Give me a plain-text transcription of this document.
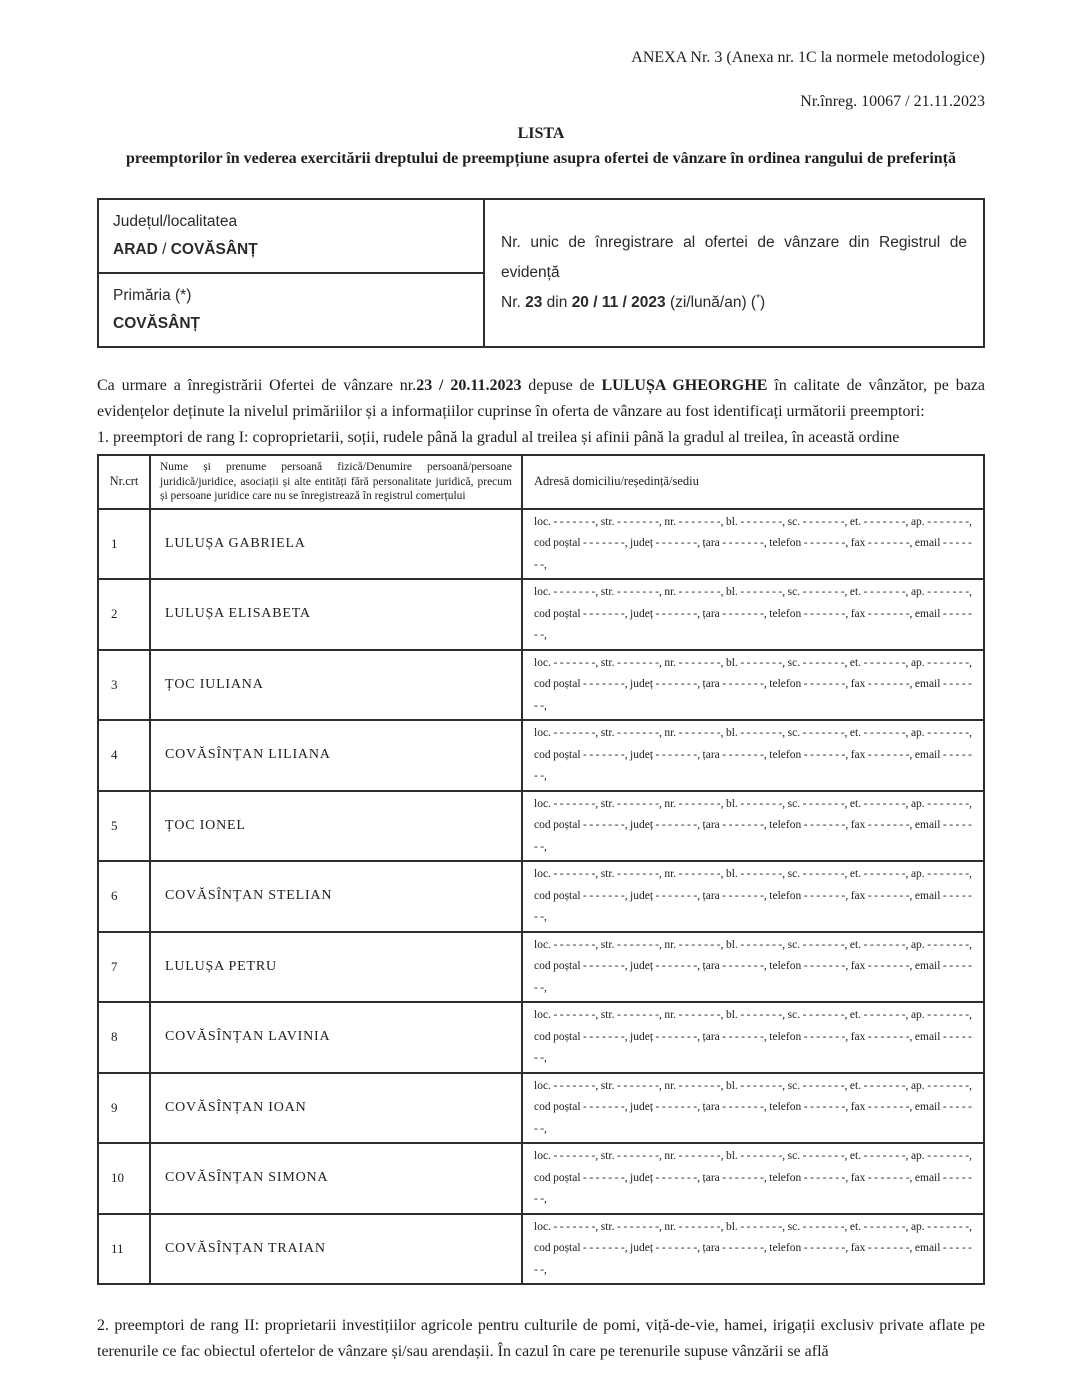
ANEXA Nr. 3 (Anexa nr. 1C la normele metodologice)
Nr.înreg. 10067 / 21.11.2023
LISTA
preemptorilor în vederea exercitării dreptului de preempțiune asupra ofertei de vânzare în ordinea rangului de preferință
Județul/localitatea
ARAD / COVĂSÂNȚ	Nr. unic de înregistrare al ofertei de vânzare din Registrul de evidență
Nr. 23 din 20 / 11 / 2023 (zi/lună/an) (*)

Primăria (*)
COVĂSÂNȚ

Ca urmare a înregistrării Ofertei de vânzare nr.23 / 20.11.2023 depuse de LULUȘA GHEORGHE în calitate de vânzător, pe baza evidențelor deținute la nivelul primăriilor și a informațiilor cuprinse în oferta de vânzare au fost identificați următorii preemptori:

1. preemptori de rang I: coproprietarii, soții, rudele până la gradul al treilea și afinii până la gradul al treilea, în această ordine

Nr.crt	Nume și prenume persoană fizică/Denumire persoană/persoane juridică/juridice, asociații și alte entități fără personalitate juridică, precum și persoane juridice care nu se înregistrează în registrul comerțului	Adresă domiciliu/reședință/sediu
1	LULUȘA GABRIELA	loc. - - - - - - -, str. - - - - - - -, nr. - - - - - - -, bl. - - - - - - -, sc. - - - - - - -, et. - - - - - - -, ap. - - - - - - -, cod poștal - - - - - - -, județ - - - - - - -, țara - - - - - - -, telefon - - - - - - -, fax - - - - - - -, email - - - - - - -,
2	LULUȘA ELISABETA	loc. - - - - - - -, str. - - - - - - -, nr. - - - - - - -, bl. - - - - - - -, sc. - - - - - - -, et. - - - - - - -, ap. - - - - - - -, cod poștal - - - - - - -, județ - - - - - - -, țara - - - - - - -, telefon - - - - - - -, fax - - - - - - -, email - - - - - - -,
3	ȚOC IULIANA	loc. - - - - - - -, str. - - - - - - -, nr. - - - - - - -, bl. - - - - - - -, sc. - - - - - - -, et. - - - - - - -, ap. - - - - - - -, cod poștal - - - - - - -, județ - - - - - - -, țara - - - - - - -, telefon - - - - - - -, fax - - - - - - -, email - - - - - - -,
4	COVĂSÎNȚAN LILIANA	loc. - - - - - - -, str. - - - - - - -, nr. - - - - - - -, bl. - - - - - - -, sc. - - - - - - -, et. - - - - - - -, ap. - - - - - - -, cod poștal - - - - - - -, județ - - - - - - -, țara - - - - - - -, telefon - - - - - - -, fax - - - - - - -, email - - - - - - -,
5	ȚOC IONEL	loc. - - - - - - -, str. - - - - - - -, nr. - - - - - - -, bl. - - - - - - -, sc. - - - - - - -, et. - - - - - - -, ap. - - - - - - -, cod poștal - - - - - - -, județ - - - - - - -, țara - - - - - - -, telefon - - - - - - -, fax - - - - - - -, email - - - - - - -,
6	COVĂSÎNȚAN STELIAN	loc. - - - - - - -, str. - - - - - - -, nr. - - - - - - -, bl. - - - - - - -, sc. - - - - - - -, et. - - - - - - -, ap. - - - - - - -, cod poștal - - - - - - -, județ - - - - - - -, țara - - - - - - -, telefon - - - - - - -, fax - - - - - - -, email - - - - - - -,
7	LULUȘA PETRU	loc. - - - - - - -, str. - - - - - - -, nr. - - - - - - -, bl. - - - - - - -, sc. - - - - - - -, et. - - - - - - -, ap. - - - - - - -, cod poștal - - - - - - -, județ - - - - - - -, țara - - - - - - -, telefon - - - - - - -, fax - - - - - - -, email - - - - - - -,
8	COVĂSÎNȚAN LAVINIA	loc. - - - - - - -, str. - - - - - - -, nr. - - - - - - -, bl. - - - - - - -, sc. - - - - - - -, et. - - - - - - -, ap. - - - - - - -, cod poștal - - - - - - -, județ - - - - - - -, țara - - - - - - -, telefon - - - - - - -, fax - - - - - - -, email - - - - - - -,
9	COVĂSÎNȚAN IOAN	loc. - - - - - - -, str. - - - - - - -, nr. - - - - - - -, bl. - - - - - - -, sc. - - - - - - -, et. - - - - - - -, ap. - - - - - - -, cod poștal - - - - - - -, județ - - - - - - -, țara - - - - - - -, telefon - - - - - - -, fax - - - - - - -, email - - - - - - -,
10	COVĂSÎNȚAN SIMONA	loc. - - - - - - -, str. - - - - - - -, nr. - - - - - - -, bl. - - - - - - -, sc. - - - - - - -, et. - - - - - - -, ap. - - - - - - -, cod poștal - - - - - - -, județ - - - - - - -, țara - - - - - - -, telefon - - - - - - -, fax - - - - - - -, email - - - - - - -,
11	COVĂSÎNȚAN TRAIAN	loc. - - - - - - -, str. - - - - - - -, nr. - - - - - - -, bl. - - - - - - -, sc. - - - - - - -, et. - - - - - - -, ap. - - - - - - -, cod poștal - - - - - - -, județ - - - - - - -, țara - - - - - - -, telefon - - - - - - -, fax - - - - - - -, email - - - - - - -,

2. preemptori de rang II: proprietarii investițiilor agricole pentru culturile de pomi, viță-de-vie, hamei, irigații exclusiv private aflate pe terenurile ce fac obiectul ofertelor de vânzare și/sau arendașii. În cazul în care pe terenurile supuse vânzării se află
